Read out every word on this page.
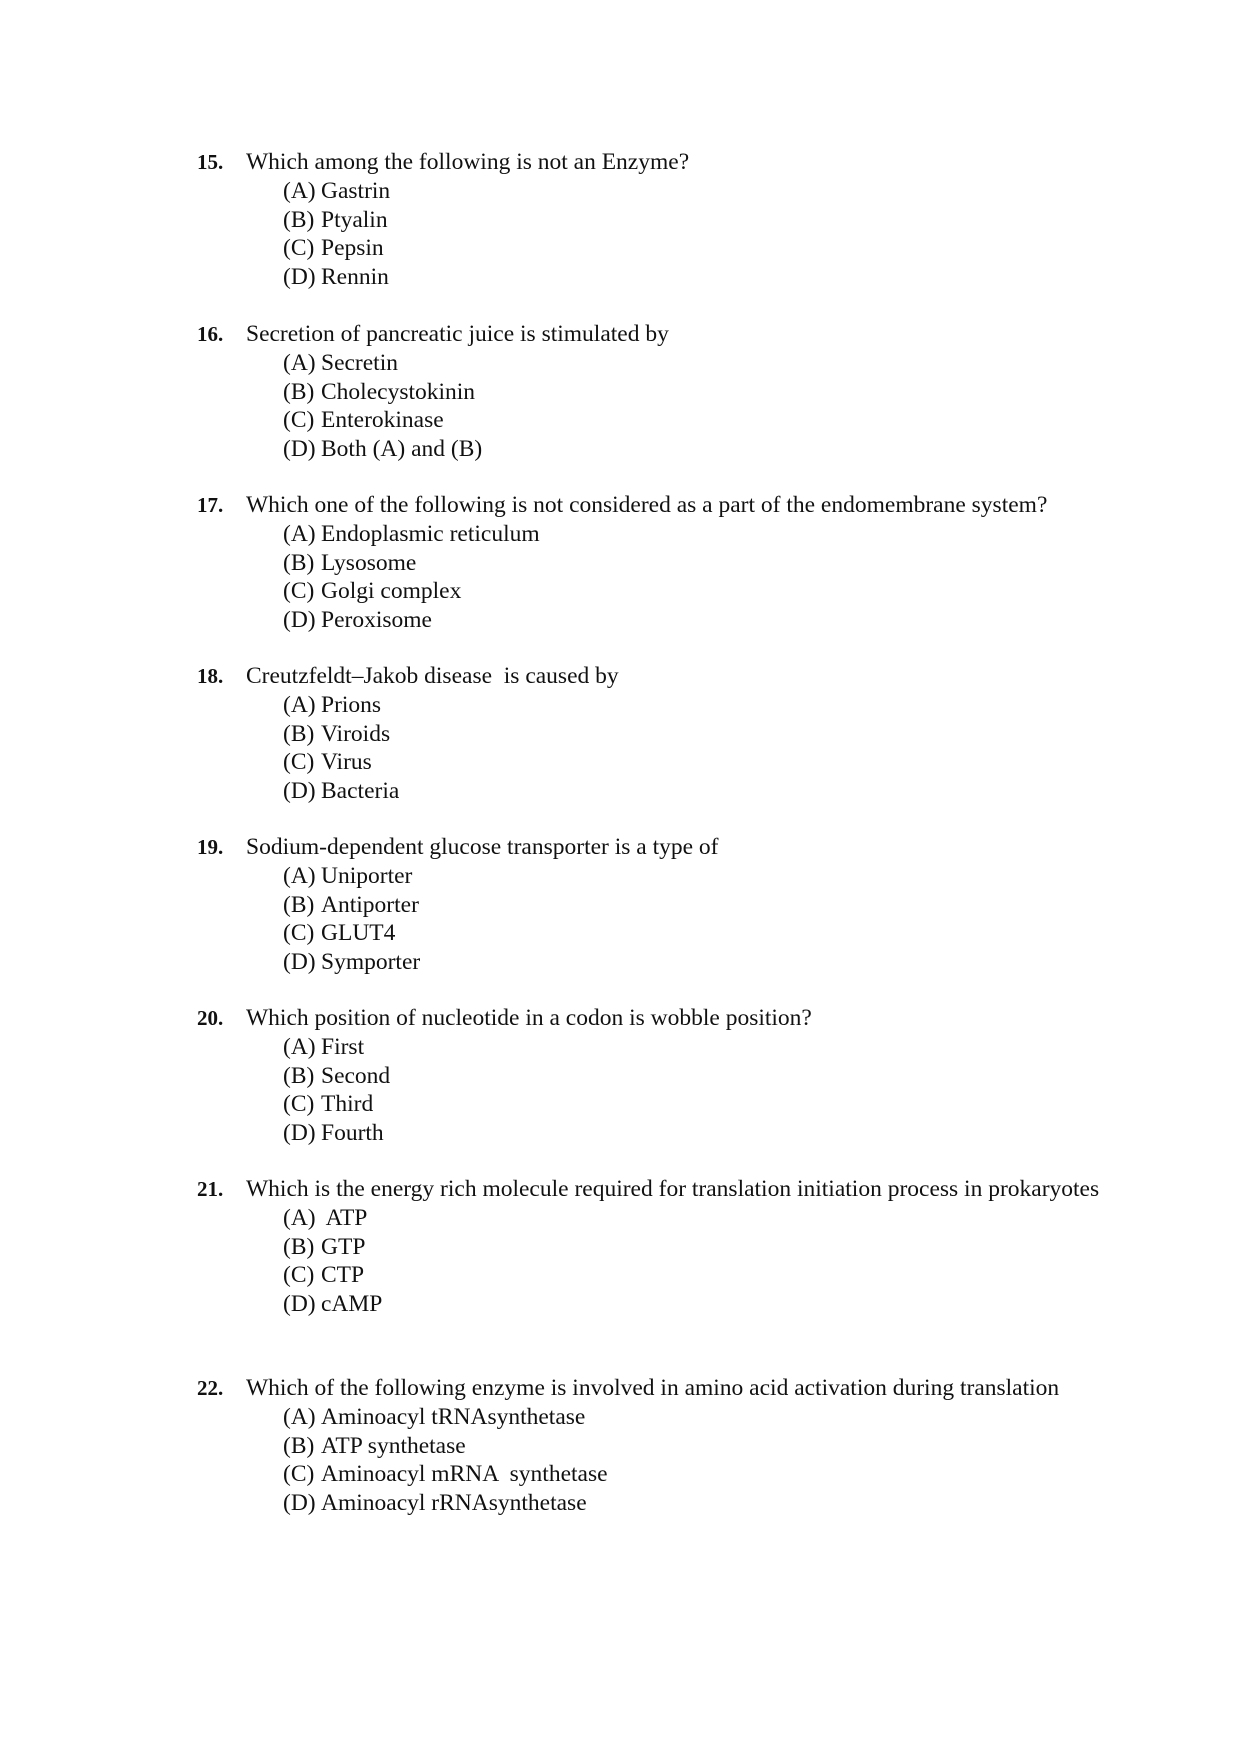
15. Which among the following is not an Enzyme?
(A) Gastrin
(B) Ptyalin
(C) Pepsin
(D) Rennin
16. Secretion of pancreatic juice is stimulated by
(A) Secretin
(B) Cholecystokinin
(C) Enterokinase
(D) Both (A) and (B)
17. Which one of the following is not considered as a part of the endomembrane system?
(A) Endoplasmic reticulum
(B) Lysosome
(C) Golgi complex
(D) Peroxisome
18. Creutzfeldt–Jakob disease  is caused by
(A) Prions
(B) Viroids
(C) Virus
(D) Bacteria
19. Sodium-dependent glucose transporter is a type of
(A) Uniporter
(B) Antiporter
(C) GLUT4
(D) Symporter
20. Which position of nucleotide in a codon is wobble position?
(A) First
(B) Second
(C) Third
(D) Fourth
21. Which is the energy rich molecule required for translation initiation process in prokaryotes
(A) ATP
(B) GTP
(C) CTP
(D) cAMP
22. Which of the following enzyme is involved in amino acid activation during translation
(A) Aminoacyl tRNAsynthetase
(B) ATP synthetase
(C) Aminoacyl mRNA  synthetase
(D) Aminoacyl rRNAsynthetase
